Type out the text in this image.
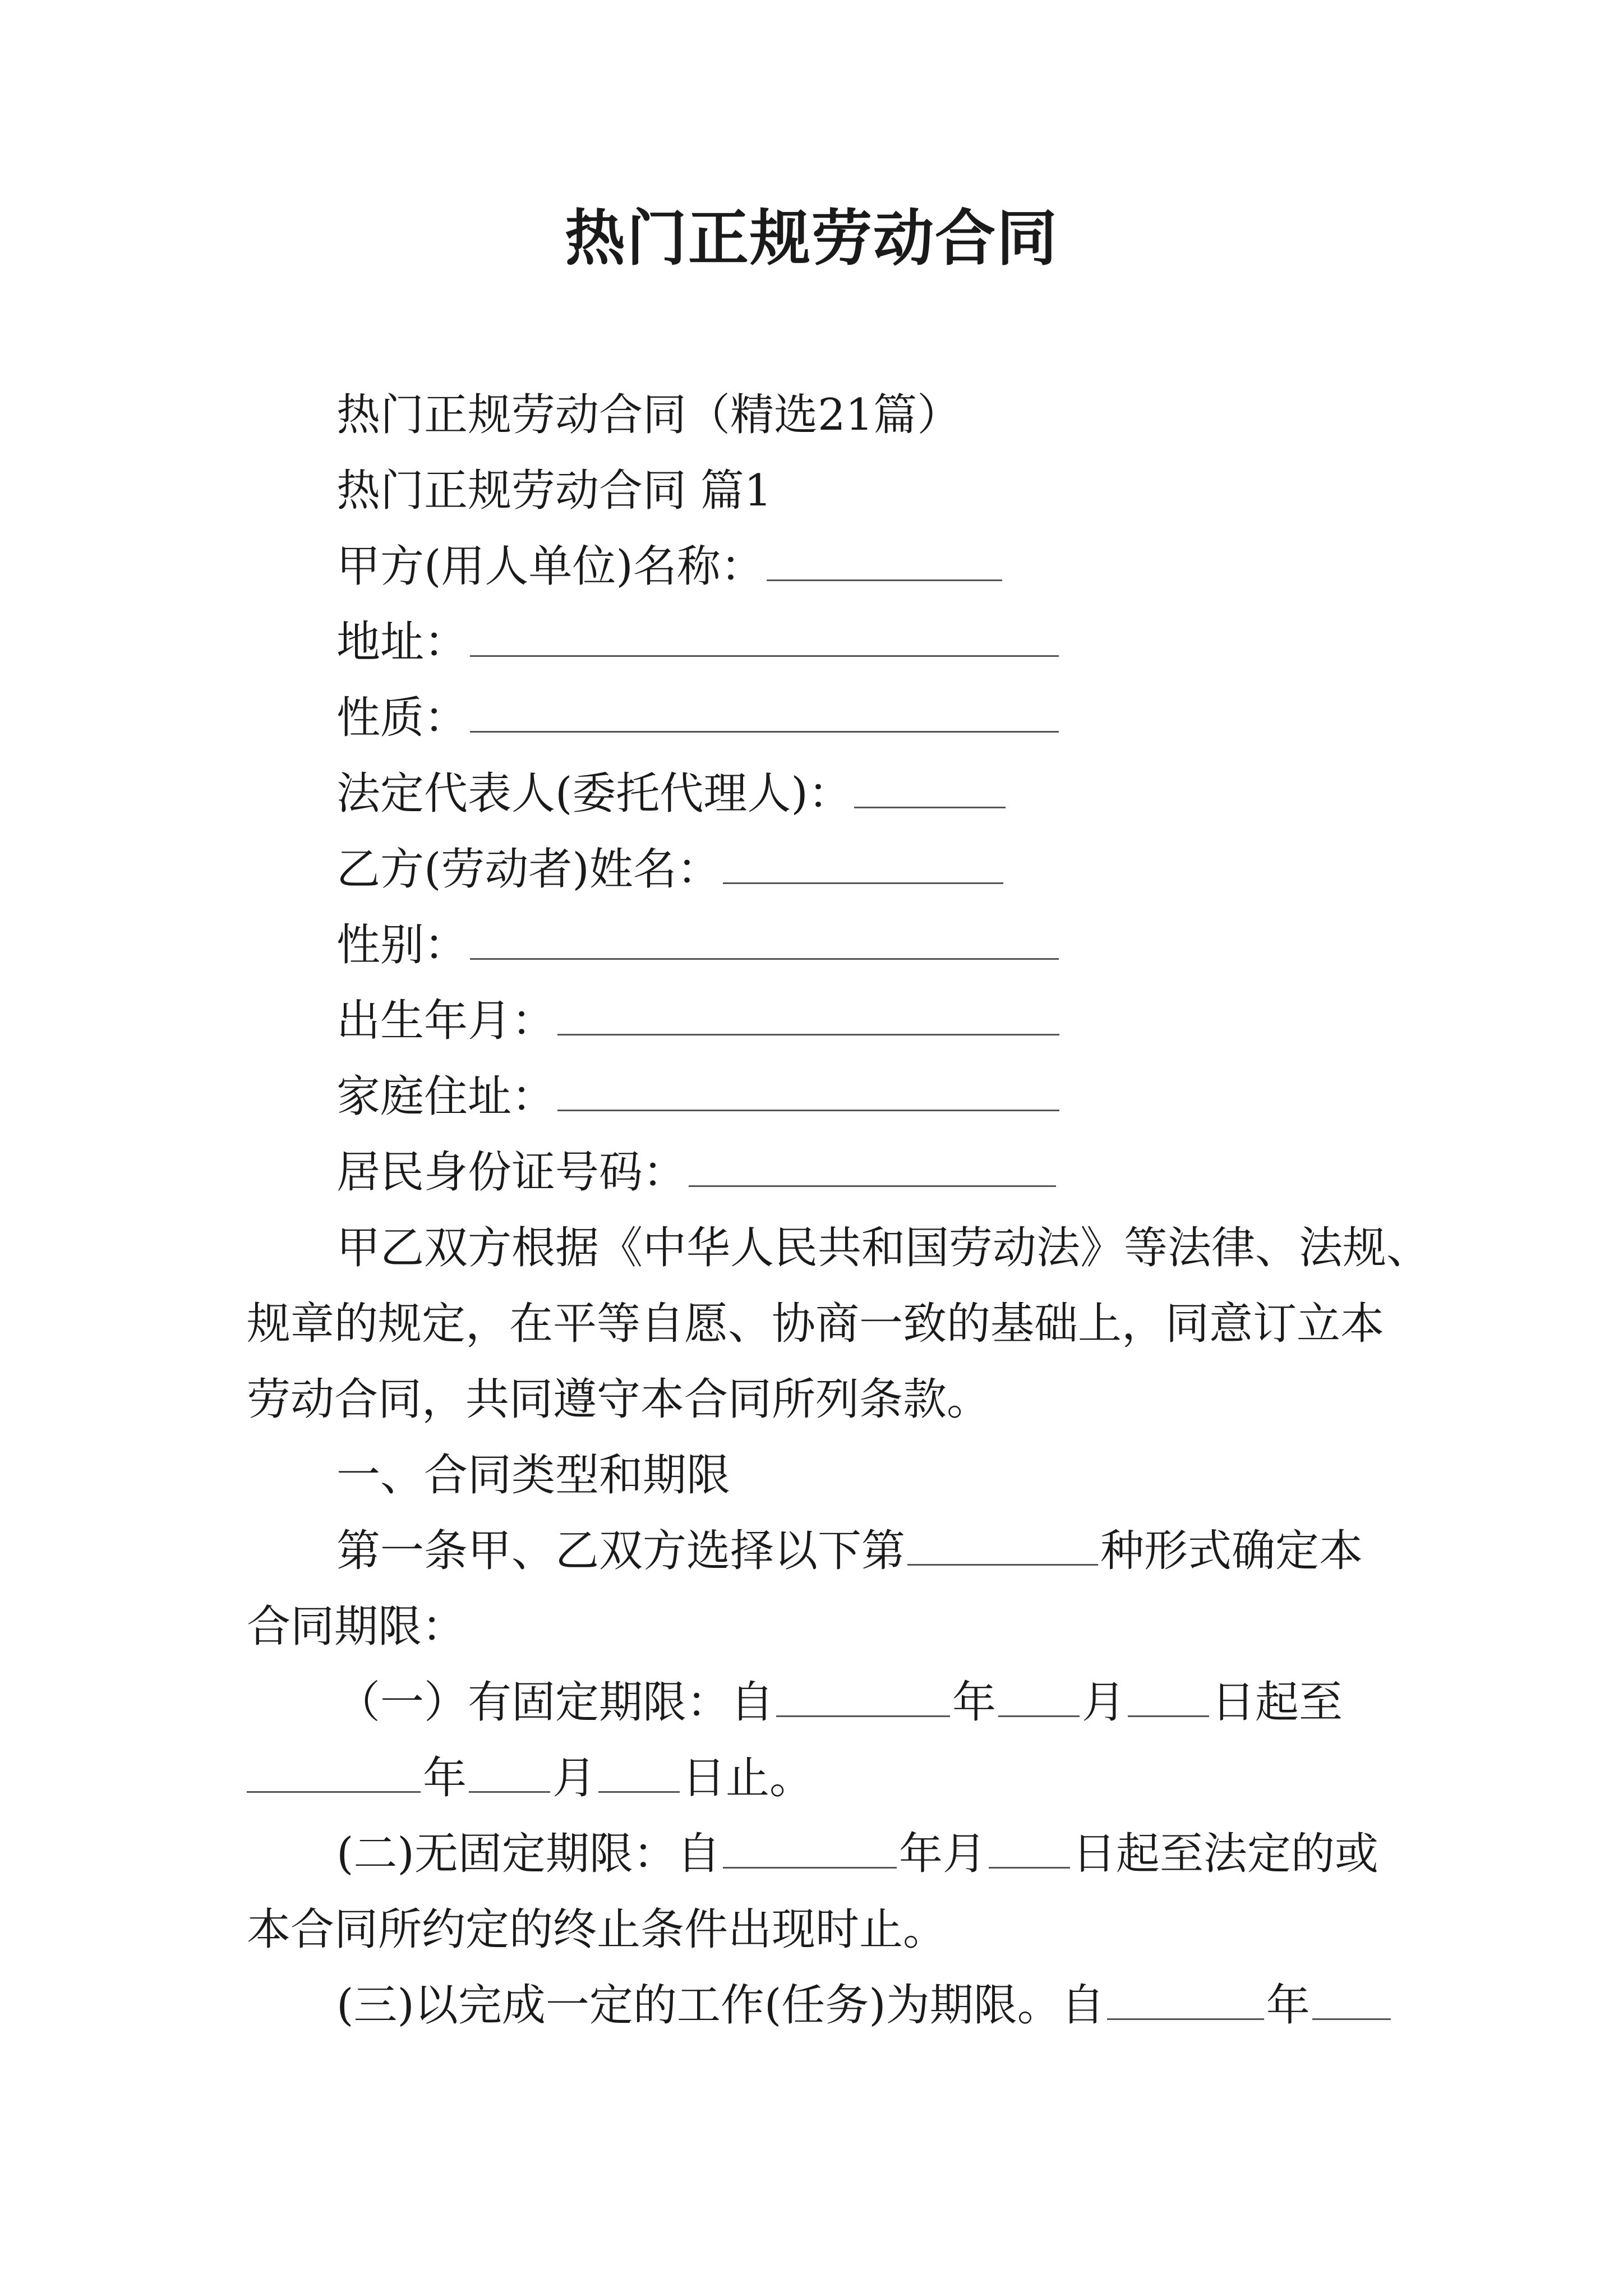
热门正规劳动合同
热门正规劳动合同（精选21篇）
热门正规劳动合同 篇1
甲方(用人单位)名称：
地址：
性质：
法定代表人(委托代理人)：
乙方(劳动者)姓名：
性别：
出生年月：
家庭住址：
居民身份证号码：
甲乙双方根据《中华人民共和国劳动法》等法律、法规、
规章的规定，在平等自愿、协商一致的基础上，同意订立本
劳动合同，共同遵守本合同所列条款。
一、合同类型和期限
第一条甲、乙双方选择以下第	种形式确定本
合同期限：
（一）有固定期限：自	年 月 日起至
年 月 日止。
(二)无固定期限：自	年月 日起至法定的或
本合同所约定的终止条件出现时止。
(三)以完成一定的工作(任务)为期限。自	年
